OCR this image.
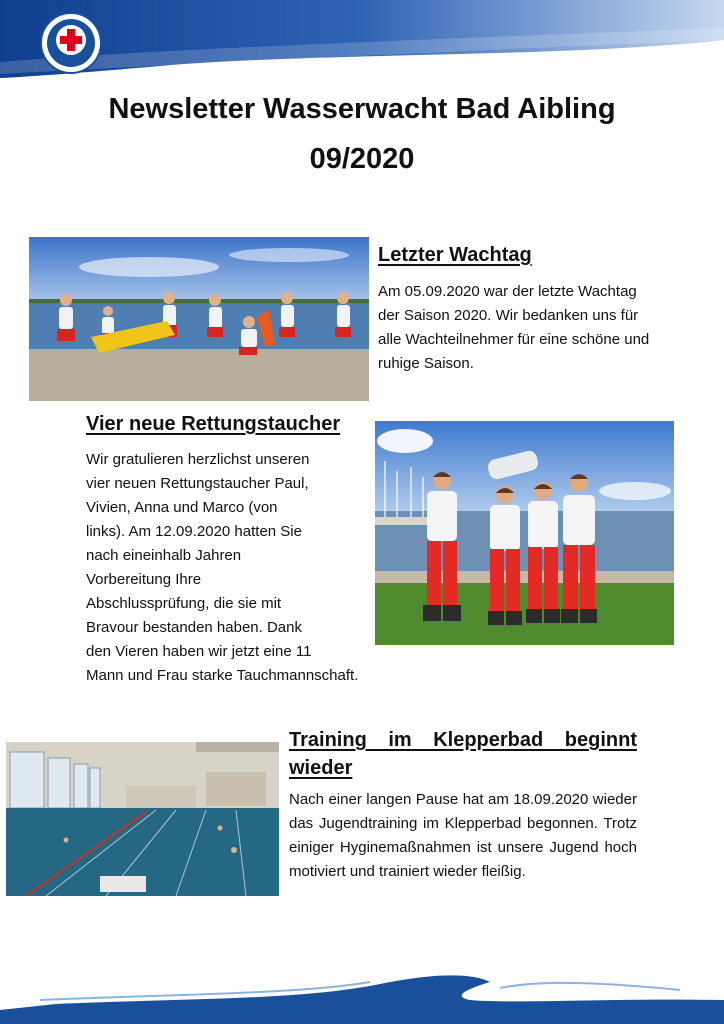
Newsletter Wasserwacht Bad Aibling
09/2020
Letzter Wachtag

Am 05.09.2020 war der letzte Wachtag der Saison 2020. Wir bedanken uns für alle Wachteilnehmer für eine schöne und ruhige Saison.

Vier neue Rettungstaucher
Wir gratulieren herzlichst unseren
vier neuen Rettungstaucher Paul,
Vivien, Anna und Marco (von
links). Am 12.09.2020 hatten Sie
nach eineinhalb Jahren
Vorbereitung Ihre
Abschlussprüfung, die sie mit
Bravour bestanden haben. Dank
den Vieren haben wir jetzt eine 11
Mann und Frau starke Tauchmannschaft.
Training im Klepperbad beginnt wieder

Nach einer langen Pause hat am 18.09.2020 wieder das Jugendtraining im Klepperbad begonnen. Trotz einiger Hyginemaßnahmen ist unsere Jugend hoch motiviert und trainiert wieder fleißig.
